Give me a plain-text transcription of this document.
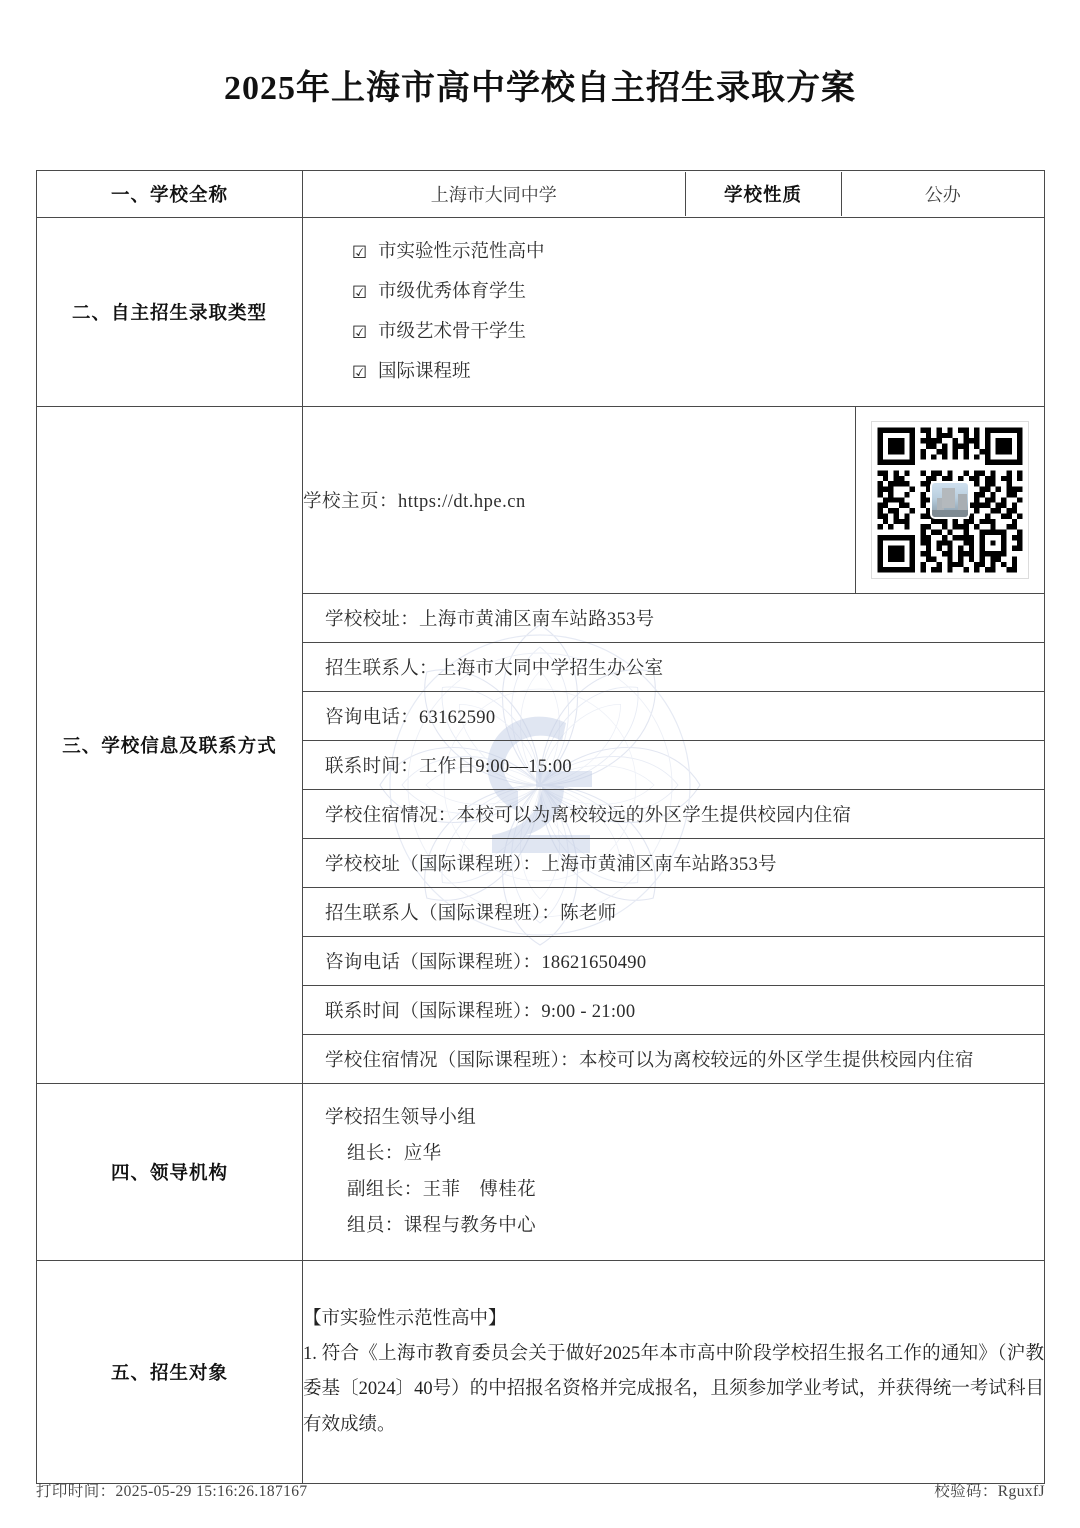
2025年上海市高中学校自主招生录取方案
一、学校全称		上海市大同中学	学校性质	公办

二、自主招生录取类型	
☑ 市实验性示范性高中
☑ 市级优秀体育学生
☑ 市级艺术骨干学生
☑ 国际课程班

三、学校信息及联系方式	
学校主页：https://dt.hpe.cn	

学校校址：上海市黄浦区南车站路353号
招生联系人：上海市大同中学招生办公室
咨询电话：63162590
联系时间：工作日9:00—15:00
学校住宿情况：本校可以为离校较远的外区学生提供校园内住宿
学校校址（国际课程班）：上海市黄浦区南车站路353号
招生联系人（国际课程班）：陈老师
咨询电话（国际课程班）：18621650490
联系时间（国际课程班）：9:00 - 21:00
学校住宿情况（国际课程班）：本校可以为离校较远的外区学生提供校园内住宿

四、领导机构	
学校招生领导小组
组长：应华
副组长：王菲　傅桂花
组员：课程与教务中心

五、招生对象	
【市实验性示范性高中】
1. 符合《上海市教育委员会关于做好2025年本市高中阶段学校招生报名工作的通知》（沪教委基〔2024〕40号）的中招报名资格并完成报名，且须参加学业考试，并获得统一考试科目有效成绩。
打印时间：2025-05-29 15:16:26.187167	校验码：RguxfJ
